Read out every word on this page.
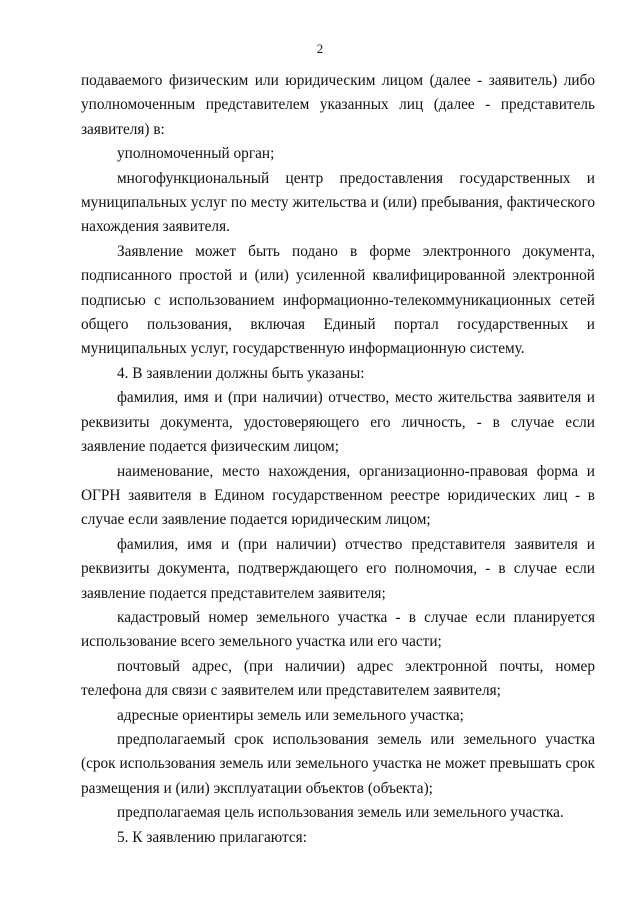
2

подаваемого физическим или юридическим лицом (далее - заявитель) либо уполномоченным представителем указанных лиц (далее - представитель заявителя) в:

уполномоченный орган;

многофункциональный центр предоставления государственных и муниципальных услуг по месту жительства и (или) пребывания, фактического нахождения заявителя.

Заявление может быть подано в форме электронного документа, подписанного простой и (или) усиленной квалифицированной электронной подписью с использованием информационно-телекоммуникационных сетей общего пользования, включая Единый портал государственных и муниципальных услуг, государственную информационную систему.

4. В заявлении должны быть указаны:

фамилия, имя и (при наличии) отчество, место жительства заявителя и реквизиты документа, удостоверяющего его личность, - в случае если заявление подается физическим лицом;

наименование, место нахождения, организационно-правовая форма и ОГРН заявителя в Едином государственном реестре юридических лиц - в случае если заявление подается юридическим лицом;

фамилия, имя и (при наличии) отчество представителя заявителя и реквизиты документа, подтверждающего его полномочия, - в случае если заявление подается представителем заявителя;

кадастровый номер земельного участка - в случае если планируется использование всего земельного участка или его части;

почтовый адрес, (при наличии) адрес электронной почты, номер телефона для связи с заявителем или представителем заявителя;

адресные ориентиры земель или земельного участка;

предполагаемый срок использования земель или земельного участка (срок использования земель или земельного участка не может превышать срок размещения и (или) эксплуатации объектов (объекта);

предполагаемая цель использования земель или земельного участка.

5. К заявлению прилагаются:
